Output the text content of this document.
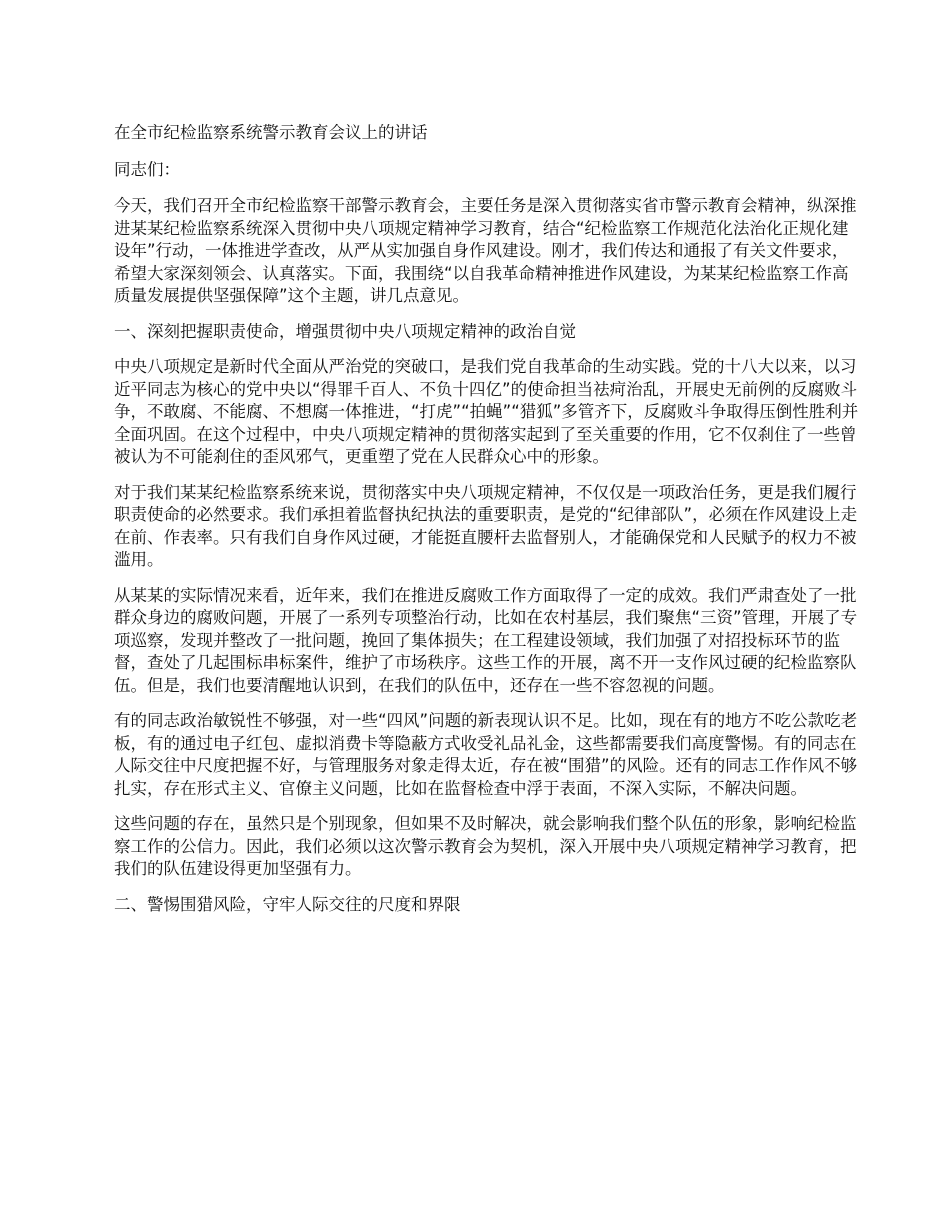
在全市纪检监察系统警示教育会议上的讲话

同志们：

今天，我们召开全市纪检监察干部警示教育会，主要任务是深入贯彻落实省市警示教育会精神，纵深推进某某纪检监察系统深入贯彻中央八项规定精神学习教育，结合“纪检监察工作规范化法治化正规化建设年”行动，一体推进学查改，从严从实加强自身作风建设。刚才，我们传达和通报了有关文件要求，希望大家深刻领会、认真落实。下面，我围绕“以自我革命精神推进作风建设，为某某纪检监察工作高质量发展提供坚强保障”这个主题，讲几点意见。

一、深刻把握职责使命，增强贯彻中央八项规定精神的政治自觉

中央八项规定是新时代全面从严治党的突破口，是我们党自我革命的生动实践。党的十八大以来，以习近平同志为核心的党中央以“得罪千百人、不负十四亿”的使命担当祛疴治乱，开展史无前例的反腐败斗争，不敢腐、不能腐、不想腐一体推进，“打虎”“拍蝇”“猎狐”多管齐下，反腐败斗争取得压倒性胜利并全面巩固。在这个过程中，中央八项规定精神的贯彻落实起到了至关重要的作用，它不仅刹住了一些曾被认为不可能刹住的歪风邪气，更重塑了党在人民群众心中的形象。

对于我们某某纪检监察系统来说，贯彻落实中央八项规定精神，不仅仅是一项政治任务，更是我们履行职责使命的必然要求。我们承担着监督执纪执法的重要职责，是党的“纪律部队”，必须在作风建设上走在前、作表率。只有我们自身作风过硬，才能挺直腰杆去监督别人，才能确保党和人民赋予的权力不被滥用。

从某某的实际情况来看，近年来，我们在推进反腐败工作方面取得了一定的成效。我们严肃查处了一批群众身边的腐败问题，开展了一系列专项整治行动，比如在农村基层，我们聚焦“三资”管理，开展了专项巡察，发现并整改了一批问题，挽回了集体损失；在工程建设领域，我们加强了对招投标环节的监督，查处了几起围标串标案件，维护了市场秩序。这些工作的开展，离不开一支作风过硬的纪检监察队伍。但是，我们也要清醒地认识到，在我们的队伍中，还存在一些不容忽视的问题。

有的同志政治敏锐性不够强，对一些“四风”问题的新表现认识不足。比如，现在有的地方不吃公款吃老板，有的通过电子红包、虚拟消费卡等隐蔽方式收受礼品礼金，这些都需要我们高度警惕。有的同志在人际交往中尺度把握不好，与管理服务对象走得太近，存在被“围猎”的风险。还有的同志工作作风不够扎实，存在形式主义、官僚主义问题，比如在监督检查中浮于表面，不深入实际，不解决问题。

这些问题的存在，虽然只是个别现象，但如果不及时解决，就会影响我们整个队伍的形象，影响纪检监察工作的公信力。因此，我们必须以这次警示教育会为契机，深入开展中央八项规定精神学习教育，把我们的队伍建设得更加坚强有力。

二、警惕围猎风险，守牢人际交往的尺度和界限
